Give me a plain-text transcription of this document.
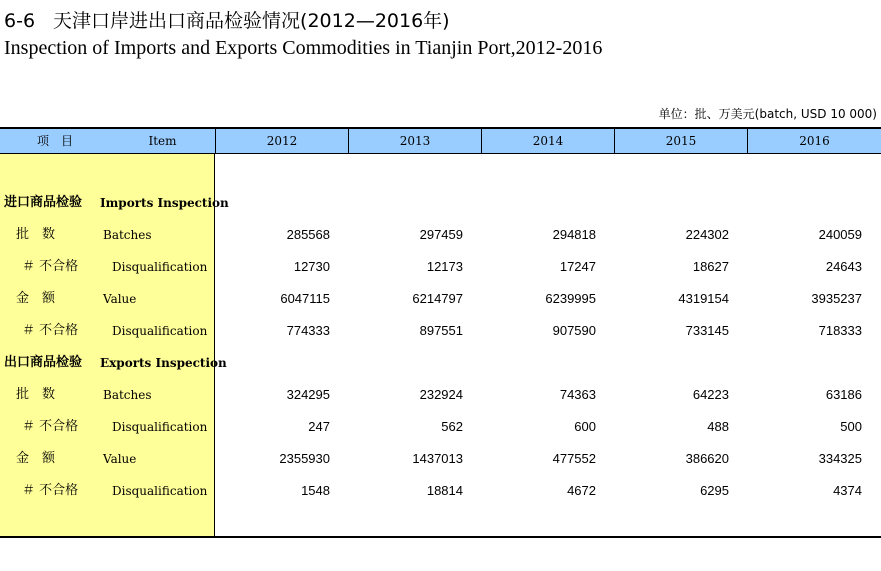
6-6 天津口岸进出口商品检验情况(2012—2016年)
Inspection of Imports and Exports Commodities in Tianjin Port,2012-2016
单位：批、万美元(batch, USD 10 000)
项　目	Item	2012	2013	2014	2015	2016
进口商品检验 Imports Inspection
批　数	Batches	285568	297459	294818	224302	240059
＃ 不合格	Disqualification	12730	12173	17247	18627	24643
金　额	Value	6047115	6214797	6239995	4319154	3935237
＃ 不合格	Disqualification	774333	897551	907590	733145	718333
出口商品检验 Exports Inspection
批　数	Batches	324295	232924	74363	64223	63186
＃ 不合格	Disqualification	247	562	600	488	500
金　额	Value	2355930	1437013	477552	386620	334325
＃ 不合格	Disqualification	1548	18814	4672	6295	4374
